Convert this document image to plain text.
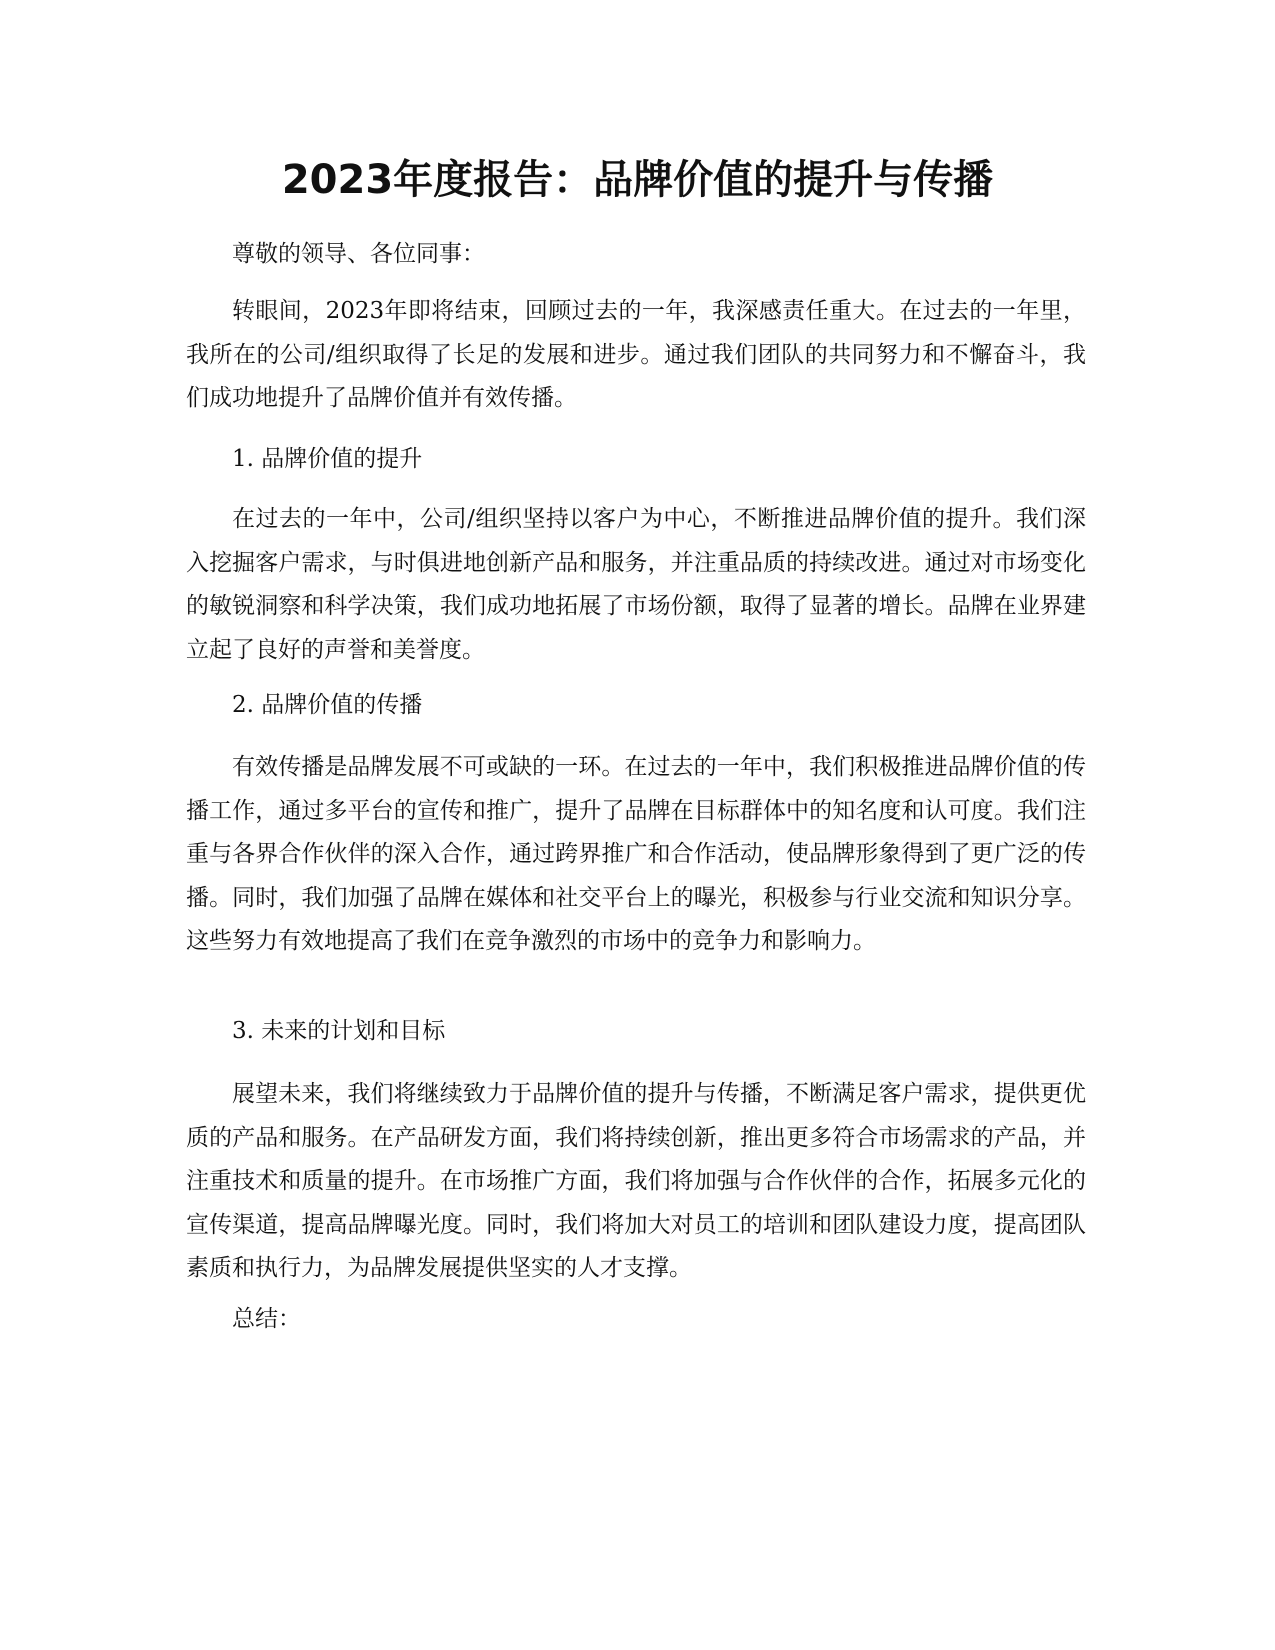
2023年度报告：品牌价值的提升与传播

尊敬的领导、各位同事：

转眼间，2023年即将结束，回顾过去的一年，我深感责任重大。在过去的一年里，我所在的公司/组织取得了长足的发展和进步。通过我们团队的共同努力和不懈奋斗，我们成功地提升了品牌价值并有效传播。

1. 品牌价值的提升

在过去的一年中，公司/组织坚持以客户为中心，不断推进品牌价值的提升。我们深入挖掘客户需求，与时俱进地创新产品和服务，并注重品质的持续改进。通过对市场变化的敏锐洞察和科学决策，我们成功地拓展了市场份额，取得了显著的增长。品牌在业界建立起了良好的声誉和美誉度。

2. 品牌价值的传播

有效传播是品牌发展不可或缺的一环。在过去的一年中，我们积极推进品牌价值的传播工作，通过多平台的宣传和推广，提升了品牌在目标群体中的知名度和认可度。我们注重与各界合作伙伴的深入合作，通过跨界推广和合作活动，使品牌形象得到了更广泛的传播。同时，我们加强了品牌在媒体和社交平台上的曝光，积极参与行业交流和知识分享。这些努力有效地提高了我们在竞争激烈的市场中的竞争力和影响力。

3. 未来的计划和目标

展望未来，我们将继续致力于品牌价值的提升与传播，不断满足客户需求，提供更优质的产品和服务。在产品研发方面，我们将持续创新，推出更多符合市场需求的产品，并注重技术和质量的提升。在市场推广方面，我们将加强与合作伙伴的合作，拓展多元化的宣传渠道，提高品牌曝光度。同时，我们将加大对员工的培训和团队建设力度，提高团队素质和执行力，为品牌发展提供坚实的人才支撑。

总结：
